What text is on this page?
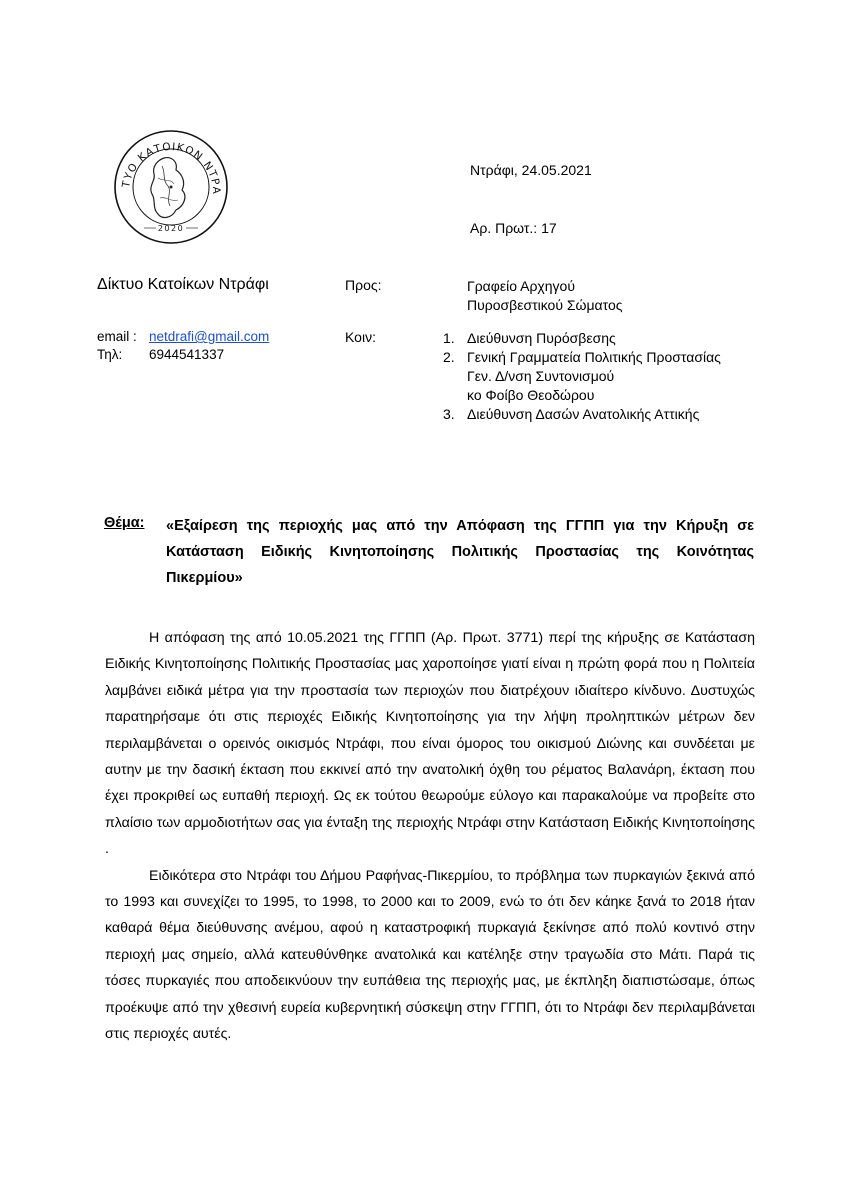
ΤΥΟ ΚΑΤΟΙΚΩΝ ΝΤΡΑ
2020
Ντράφι, 24.05.2021
Αρ. Πρωτ.: 17
Δίκτυο Κατοίκων Ντράφι
email : netdrafi@gmail.com
Τηλ: 6944541337
Προς:	Γραφείο Αρχηγού
Πυροσβεστικού Σώματος
Κοιν:	1. Διεύθυνση Πυρόσβεσης
2. Γενική Γραμματεία Πολιτικής Προστασίας
Γεν. Δ/νση Συντονισμού
κο Φοίβο Θεοδώρου
3. Διεύθυνση Δασών Ανατολικής Αττικής
Θέμα: «Εξαίρεση της περιοχής μας από την Απόφαση της ΓΓΠΠ για την Κήρυξη σε Κατάσταση Ειδικής Κινητοποίησης Πολιτικής Προστασίας της Κοινότητας Πικερμίου»

Η απόφαση της από 10.05.2021 της ΓΓΠΠ (Αρ. Πρωτ. 3771) περί της κήρυξης σε Κατάσταση Ειδικής Κινητοποίησης Πολιτικής Προστασίας μας χαροποίησε γιατί είναι η πρώτη φορά που η Πολιτεία λαμβάνει ειδικά μέτρα για την προστασία των περιοχών που διατρέχουν ιδιαίτερο κίνδυνο. Δυστυχώς παρατηρήσαμε ότι στις περιοχές Ειδικής Κινητοποίησης για την λήψη προληπτικών μέτρων δεν περιλαμβάνεται ο ορεινός οικισμός Ντράφι, που είναι όμορος του οικισμού Διώνης και συνδέεται με αυτην με την δασική έκταση που εκκινεί από την ανατολική όχθη του ρέματος Βαλανάρη, έκταση που έχει προκριθεί ως ευπαθή περιοχή. Ως εκ τούτου θεωρούμε εύλογο και παρακαλούμε να προβείτε στο πλαίσιο των αρμοδιοτήτων σας για ένταξη της περιοχής Ντράφι στην Κατάσταση Ειδικής Κινητοποίησης .

Ειδικότερα στο Ντράφι του Δήμου Ραφήνας-Πικερμίου, το πρόβλημα των πυρκαγιών ξεκινά από το 1993 και συνεχίζει το 1995, το 1998, το 2000 και το 2009, ενώ το ότι δεν κάηκε ξανά το 2018 ήταν καθαρά θέμα διεύθυνσης ανέμου, αφού η καταστροφική πυρκαγιά ξεκίνησε από πολύ κοντινό στην περιοχή μας σημείο, αλλά κατευθύνθηκε ανατολικά και κατέληξε στην τραγωδία στο Μάτι. Παρά τις τόσες πυρκαγιές που αποδεικνύουν την ευπάθεια της περιοχής μας, με έκπληξη διαπιστώσαμε, όπως προέκυψε από την χθεσινή ευρεία κυβερνητική σύσκεψη στην ΓΓΠΠ, ότι το Ντράφι δεν περιλαμβάνεται στις περιοχές αυτές.
